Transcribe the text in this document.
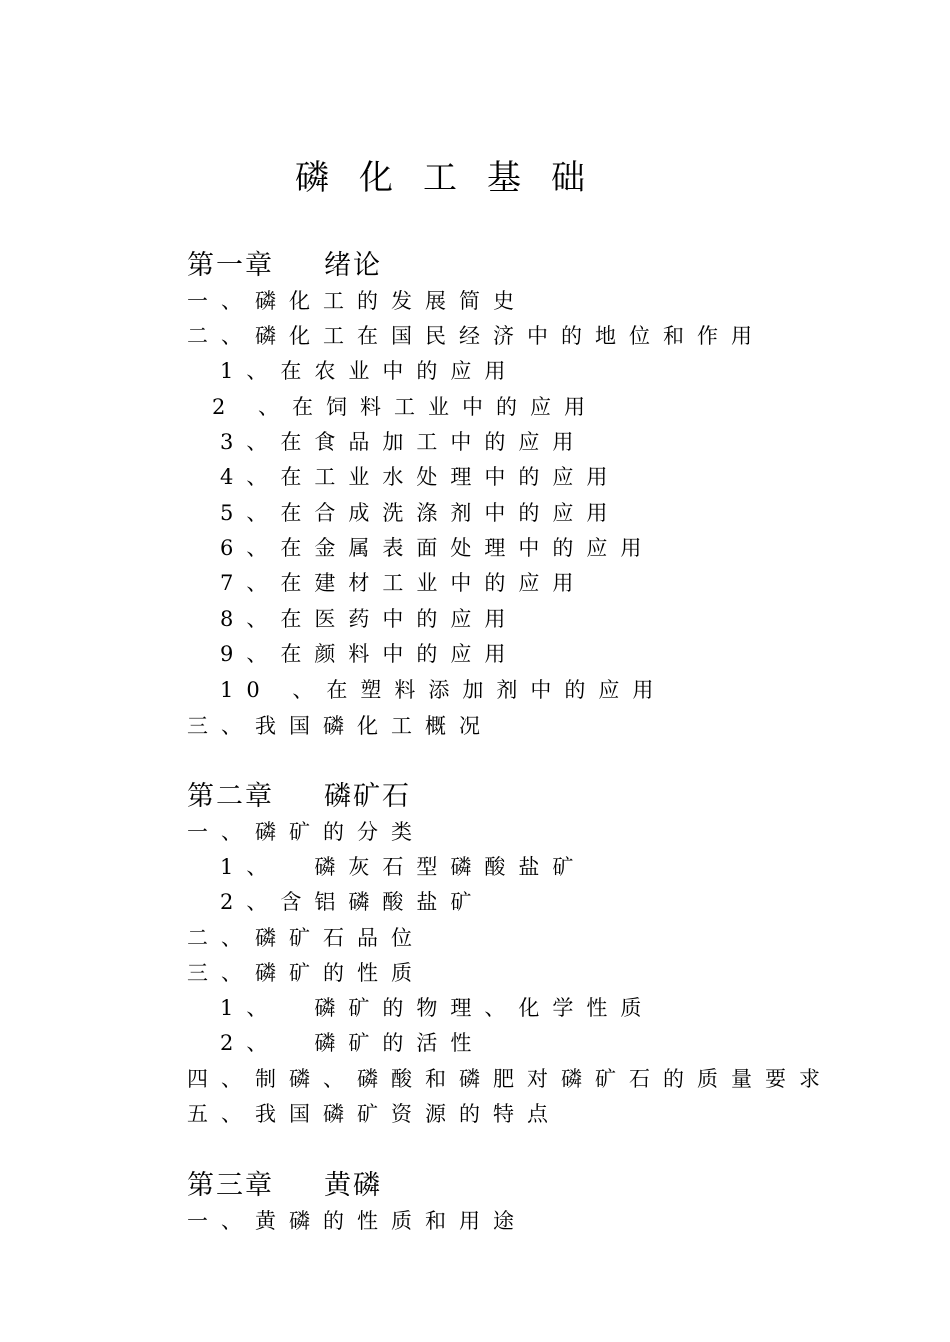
磷化工基础
第一章 绪论
一、磷化工的发展简史
二、磷化工在国民经济中的地位和作用
1、在农业中的应用
2 、在饲料工业中的应用
3、在食品加工中的应用
4、在工业水处理中的应用
5、在合成洗涤剂中的应用
6、在金属表面处理中的应用
7、在建材工业中的应用
8、在医药中的应用
9、在颜料中的应用
10 、在塑料添加剂中的应用
三、我国磷化工概况
第二章 磷矿石
一、磷矿的分类
1、 磷灰石型磷酸盐矿
2、含铝磷酸盐矿
二、磷矿石品位
三、磷矿的性质
1、 磷矿的物理、化学性质
2、 磷矿的活性
四、制磷、磷酸和磷肥对磷矿石的质量要求
五、我国磷矿资源的特点
第三章 黄磷
一、黄磷的性质和用途
